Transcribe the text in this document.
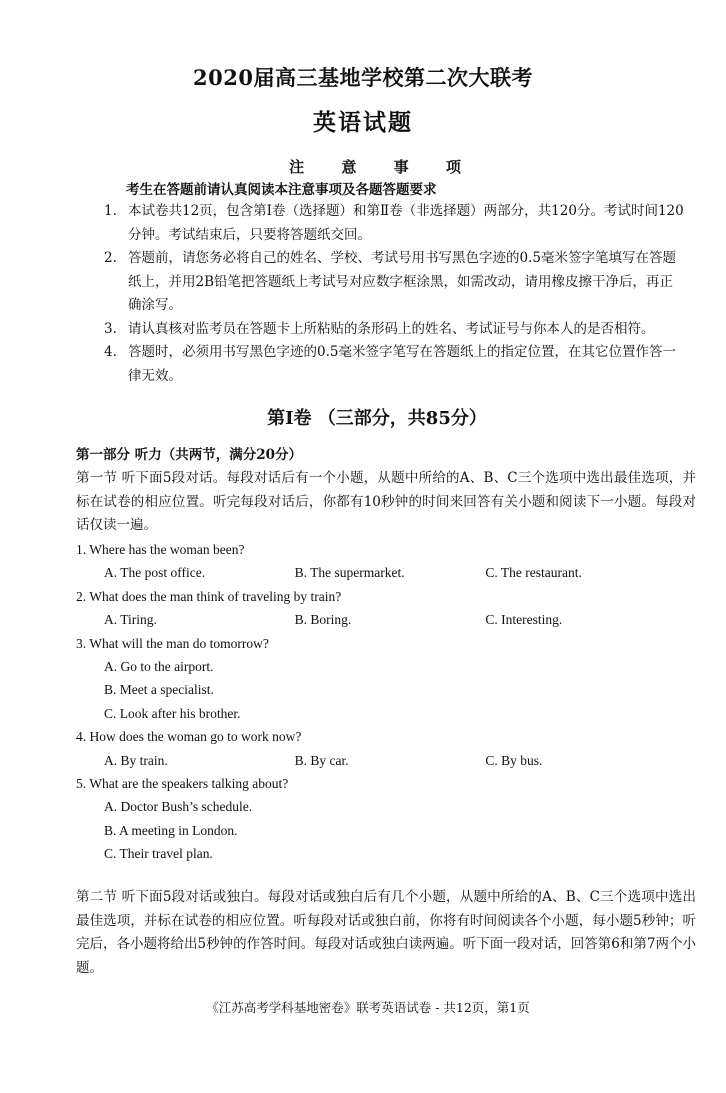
2020届高三基地学校第二次大联考
英语试题
注 意 事 项
考生在答题前请认真阅读本注意事项及各题答题要求
1. 本试卷共12页，包含第Ⅰ卷（选择题）和第Ⅱ卷（非选择题）两部分，共120分。考试时间120分钟。考试结束后，只要将答题纸交回。
2. 答题前，请您务必将自己的姓名、学校、考试号用书写黑色字迹的0.5毫米签字笔填写在答题纸上，并用2B铅笔把答题纸上考试号对应数字框涂黑，如需改动，请用橡皮擦干净后，再正确涂写。
3. 请认真核对监考员在答题卡上所粘贴的条形码上的姓名、考试证号与你本人的是否相符。
4. 答题时，必须用书写黑色字迹的0.5毫米签字笔写在答题纸上的指定位置，在其它位置作答一律无效。
第Ⅰ卷 （三部分，共85分）
第一部分 听力（共两节，满分20分）
第一节 听下面5段对话。每段对话后有一个小题，从题中所给的A、B、C三个选项中选出最佳选项，并标在试卷的相应位置。听完每段对话后，你都有10秒钟的时间来回答有关小题和阅读下一小题。每段对话仅读一遍。
1. Where has the woman been?
A. The post office.	B. The supermarket.	C. The restaurant.
2. What does the man think of traveling by train?
A. Tiring.	B. Boring.	C. Interesting.
3. What will the man do tomorrow?
A. Go to the airport.
B. Meet a specialist.
C. Look after his brother.
4. How does the woman go to work now?
A. By train.	B. By car.	C. By bus.
5. What are the speakers talking about?
A. Doctor Bush’s schedule.
B. A meeting in London.
C. Their travel plan.
第二节 听下面5段对话或独白。每段对话或独白后有几个小题，从题中所给的A、B、C三个选项中选出最佳选项，并标在试卷的相应位置。听每段对话或独白前，你将有时间阅读各个小题，每小题5秒钟；听完后，各小题将给出5秒钟的作答时间。每段对话或独白读两遍。听下面一段对话，回答第6和第7两个小题。
《江苏高考学科基地密卷》联考英语试卷 - 共12页，第1页
